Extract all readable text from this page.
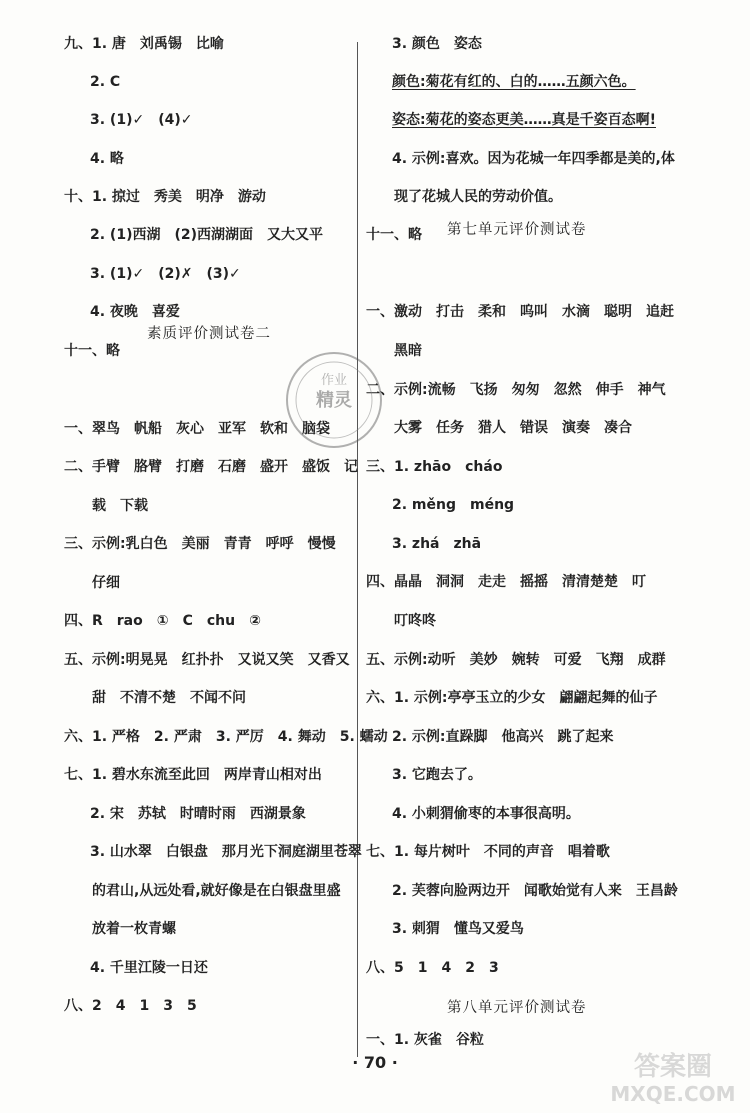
九、1. 唐　刘禹锡　比喻
2. C
3. (1)✓　(4)✓
4. 略
十、1. 掠过　秀美　明净　游动
2. (1)西湖　(2)西湖湖面　又大又平
3. (1)✓　(2)✗　(3)✓
4. 夜晚　喜爱
十一、略
一、翠鸟　帆船　灰心　亚军　软和　脑袋
二、手臂　胳臂　打磨　石磨　盛开　盛饭　记
　　载　下载
三、示例:乳白色　美丽　青青　呼呼　慢慢
　　仔细
四、R　rao　①　C　chu　②
五、示例:明晃晃　红扑扑　又说又笑　又香又
　　甜　不清不楚　不闻不问
六、1. 严格　2. 严肃　3. 严厉　4. 舞动　5. 蠕动
七、1. 碧水东流至此回　两岸青山相对出
2. 宋　苏轼　时晴时雨　西湖景象
3. 山水翠　白银盘　那月光下洞庭湖里苍翠
　　的君山,从远处看,就好像是在白银盘里盛
　　放着一枚青螺
4. 千里江陵一日还
八、2　4　1　3　5
3. 颜色　姿态
颜色:菊花有红的、白的……五颜六色。
姿态:菊花的姿态更美……真是千姿百态啊!
4. 示例:喜欢。因为花城一年四季都是美的,体
　　现了花城人民的劳动价值。
十一、略
一、激动　打击　柔和　呜叫　水滴　聪明　追赶
　　黑暗
二、示例:流畅　飞扬　匆匆　忽然　伸手　神气
　　大雾　任务　猎人　错误　演奏　凑合
三、1. zhāo　cháo
2. měng　méng
3. zhá　zhā
四、晶晶　洞洞　走走　摇摇　清清楚楚　叮
　　叮咚咚
五、示例:动听　美妙　婉转　可爱　飞翔　成群
六、1. 示例:亭亭玉立的少女　翩翩起舞的仙子
2. 示例:直跺脚　他高兴　跳了起来
3. 它跑去了。
4. 小刺猬偷枣的本事很高明。
七、1. 每片树叶　不同的声音　唱着歌
2. 芙蓉向脸两边开　闻歌始觉有人来　王昌龄
3. 刺猬　懂鸟又爱鸟
八、5　1　4　2　3
一、1. 灰雀　谷粒
素质评价测试卷二
第七单元评价测试卷
第八单元评价测试卷
· 70 ·
精灵
作业
答案圈
MXQE.COM
